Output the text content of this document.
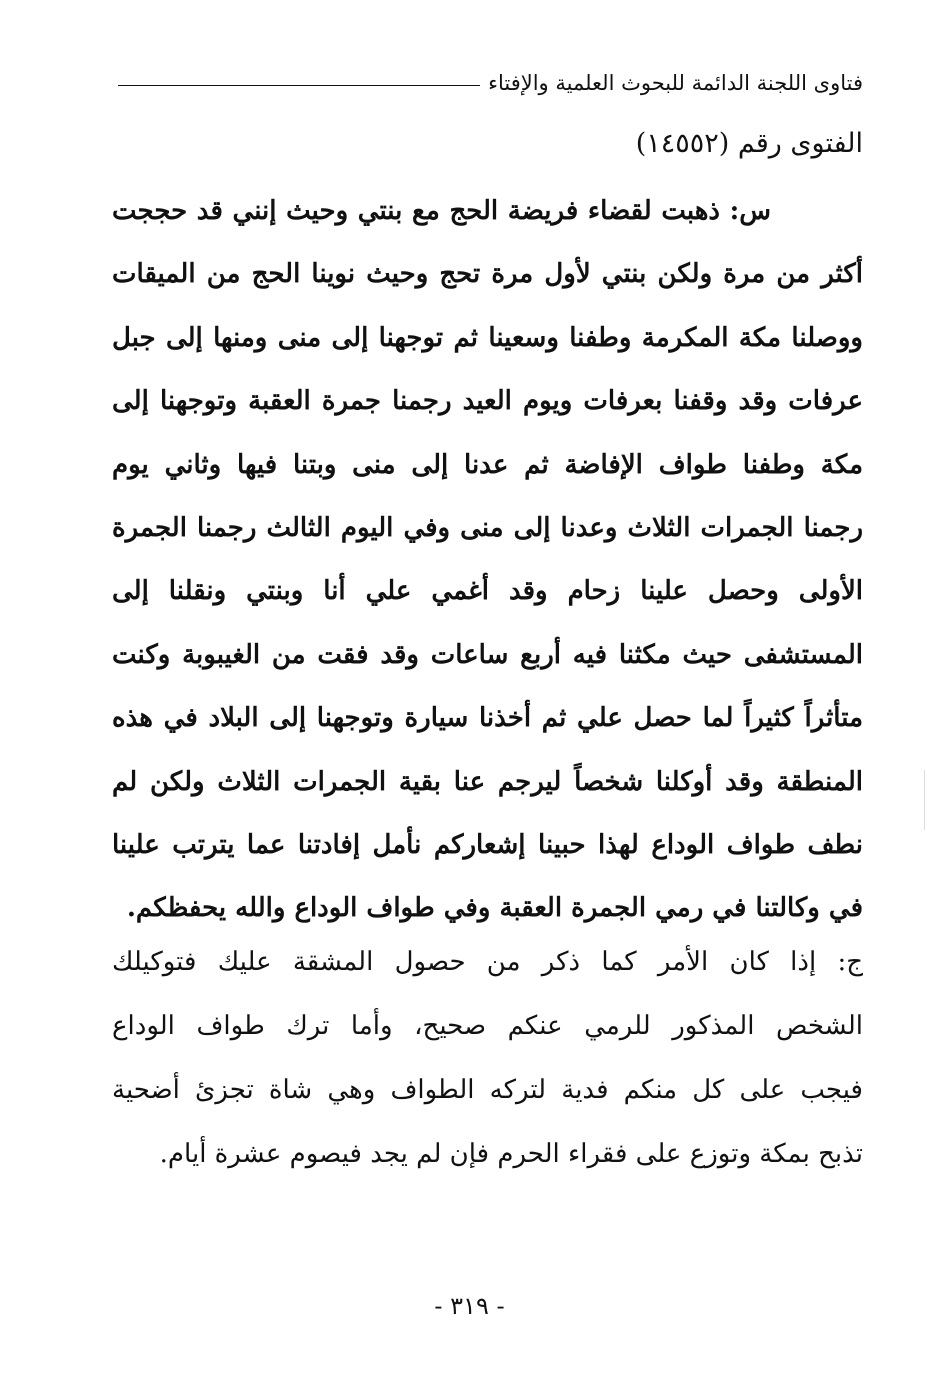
فتاوى اللجنة الدائمة للبحوث العلمية والإفتاء
الفتوى رقم (١٤٥٥٢)
س: ذهبت لقضاء فريضة الحج مع بنتي وحيث إنني قد حججت
أكثر من مرة ولكن بنتي لأول مرة تحج وحيث نوينا الحج من الميقات
ووصلنا مكة المكرمة وطفنا وسعينا ثم توجهنا إلى منى ومنها إلى جبل
عرفات وقد وقفنا بعرفات ويوم العيد رجمنا جمرة العقبة وتوجهنا إلى
مكة وطفنا طواف الإفاضة ثم عدنا إلى منى وبتنا فيها وثاني يوم
رجمنا الجمرات الثلاث وعدنا إلى منى وفي اليوم الثالث رجمنا الجمرة
الأولى وحصل علينا زحام وقد أغمي علي أنا وبنتي ونقلنا إلى
المستشفى حيث مكثنا فيه أربع ساعات وقد فقت من الغيبوبة وكنت
متأثراً كثيراً لما حصل علي ثم أخذنا سيارة وتوجهنا إلى البلاد في هذه
المنطقة وقد أوكلنا شخصاً ليرجم عنا بقية الجمرات الثلاث ولكن لم
نطف طواف الوداع لهذا حبينا إشعاركم نأمل إفادتنا عما يترتب علينا
في وكالتنا في رمي الجمرة العقبة وفي طواف الوداع والله يحفظكم.
ج: إذا كان الأمر كما ذكر من حصول المشقة عليك فتوكيلك
الشخص المذكور للرمي عنكم صحيح، وأما ترك طواف الوداع
فيجب على كل منكم فدية لتركه الطواف وهي شاة تجزئ أضحية
تذبح بمكة وتوزع على فقراء الحرم فإن لم يجد فيصوم عشرة أيام.
- ٣١٩ -
